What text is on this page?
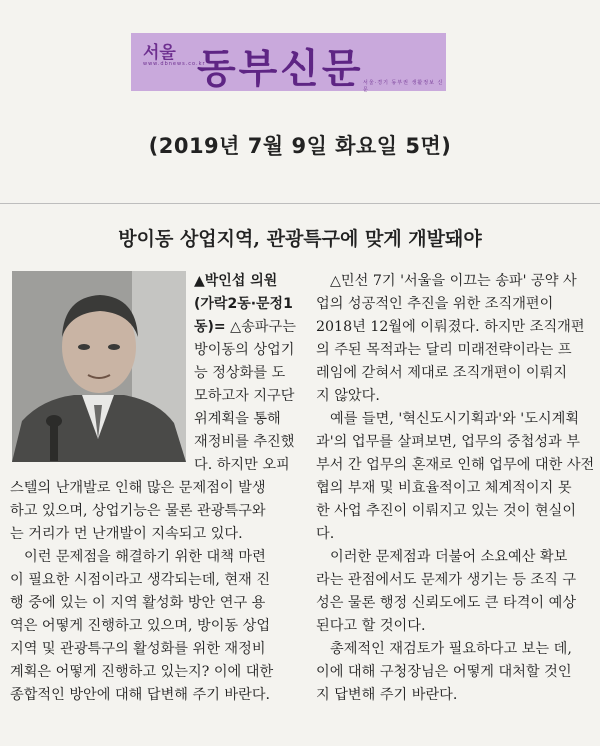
서울
www.dbnews.co.kr
동부신문 서울·경기 동부권 생활정보 신문
(2019년 7월 9일 화요일 5면)
방이동 상업지역, 관광특구에 맞게 개발돼야

▲박인섭 의원
(가락2동·문정1

동)= △송파구는
방이동의 상업기
능 정상화를 도
모하고자 지구단
위계획을 통해
재정비를 추진했
다. 하지만 오피

스텔의 난개발로 인해 많은 문제점이 발생
하고 있으며, 상업기능은 물론 관광특구와
는 거리가 먼 난개발이 지속되고 있다.

이런 문제점을 해결하기 위한 대책 마련
이 필요한 시점이라고 생각되는데, 현재 진
행 중에 있는 이 지역 활성화 방안 연구 용
역은 어떻게 진행하고 있으며, 방이동 상업
지역 및 관광특구의 활성화를 위한 재정비
계획은 어떻게 진행하고 있는지? 이에 대한
종합적인 방안에 대해 답변해 주기 바란다.

△민선 7기 '서울을 이끄는 송파' 공약 사
업의 성공적인 추진을 위한 조직개편이
2018년 12월에 이뤄졌다. 하지만 조직개편
의 주된 목적과는 달리 미래전략이라는 프
레임에 갇혀서 제대로 조직개편이 이뤄지
지 않았다.

예를 들면, '혁신도시기획과'와 '도시계획
과'의 업무를 살펴보면, 업무의 중첩성과 부
부서 간 업무의 혼재로 인해 업무에 대한 사전
협의 부재 및 비효율적이고 체계적이지 못
한 사업 추진이 이뤄지고 있는 것이 현실이
다.

이러한 문제점과 더불어 소요예산 확보
라는 관점에서도 문제가 생기는 등 조직 구
성은 물론 행정 신뢰도에도 큰 타격이 예상
된다고 할 것이다.

총제적인 재검토가 필요하다고 보는 데,
이에 대해 구청장님은 어떻게 대처할 것인
지 답변해 주기 바란다.
